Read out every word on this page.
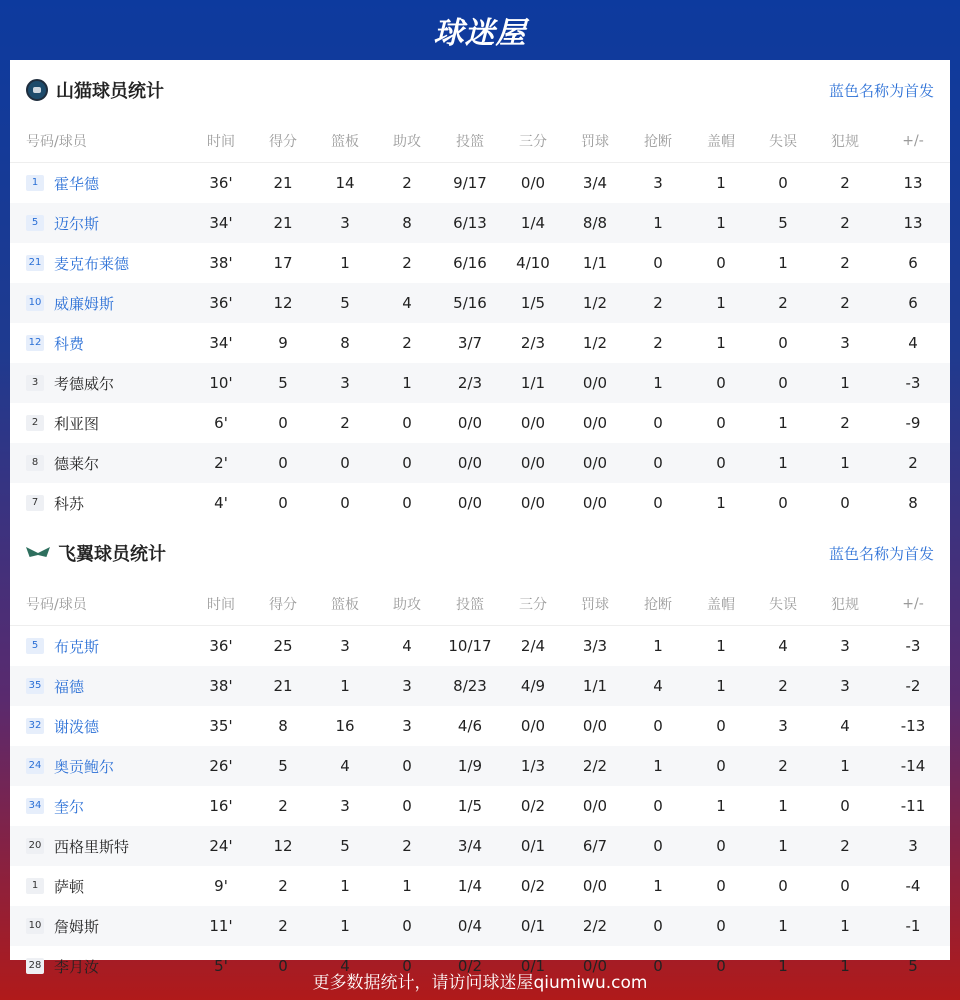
球迷屋
山猫球员统计	蓝色名称为首发
号码/球员	时间	得分	篮板	助攻	投篮	三分	罚球	抢断	盖帽	失误	犯规	+/-
1 霍华德	36'	21	14	2	9/17	0/0	3/4	3	1	0	2	13
5 迈尔斯	34'	21	3	8	6/13	1/4	8/8	1	1	5	2	13
21 麦克布莱德	38'	17	1	2	6/16	4/10	1/1	0	0	1	2	6
10 威廉姆斯	36'	12	5	4	5/16	1/5	1/2	2	1	2	2	6
12 科费	34'	9	8	2	3/7	2/3	1/2	2	1	0	3	4
3 考德威尔	10'	5	3	1	2/3	1/1	0/0	1	0	0	1	-3
2 利亚图	6'	0	2	0	0/0	0/0	0/0	0	0	1	2	-9
8 德莱尔	2'	0	0	0	0/0	0/0	0/0	0	0	1	1	2
7 科苏	4'	0	0	0	0/0	0/0	0/0	0	1	0	0	8
飞翼球员统计	蓝色名称为首发
号码/球员	时间	得分	篮板	助攻	投篮	三分	罚球	抢断	盖帽	失误	犯规	+/-
5 布克斯	36'	25	3	4	10/17	2/4	3/3	1	1	4	3	-3
35 福德	38'	21	1	3	8/23	4/9	1/1	4	1	2	3	-2
32 谢泼德	35'	8	16	3	4/6	0/0	0/0	0	0	3	4	-13
24 奥贡鲍尔	26'	5	4	0	1/9	1/3	2/2	1	0	2	1	-14
34 奎尔	16'	2	3	0	1/5	0/2	0/0	0	1	1	0	-11
20 西格里斯特	24'	12	5	2	3/4	0/1	6/7	0	0	1	2	3
1 萨顿	9'	2	1	1	1/4	0/2	0/0	1	0	0	0	-4
10 詹姆斯	11'	2	1	0	0/4	0/1	2/2	0	0	1	1	-1
28 李月汝	5'	0	4	0	0/2	0/1	0/0	0	0	1	1	5
更多数据统计，请访问球迷屋qiumiwu.com
